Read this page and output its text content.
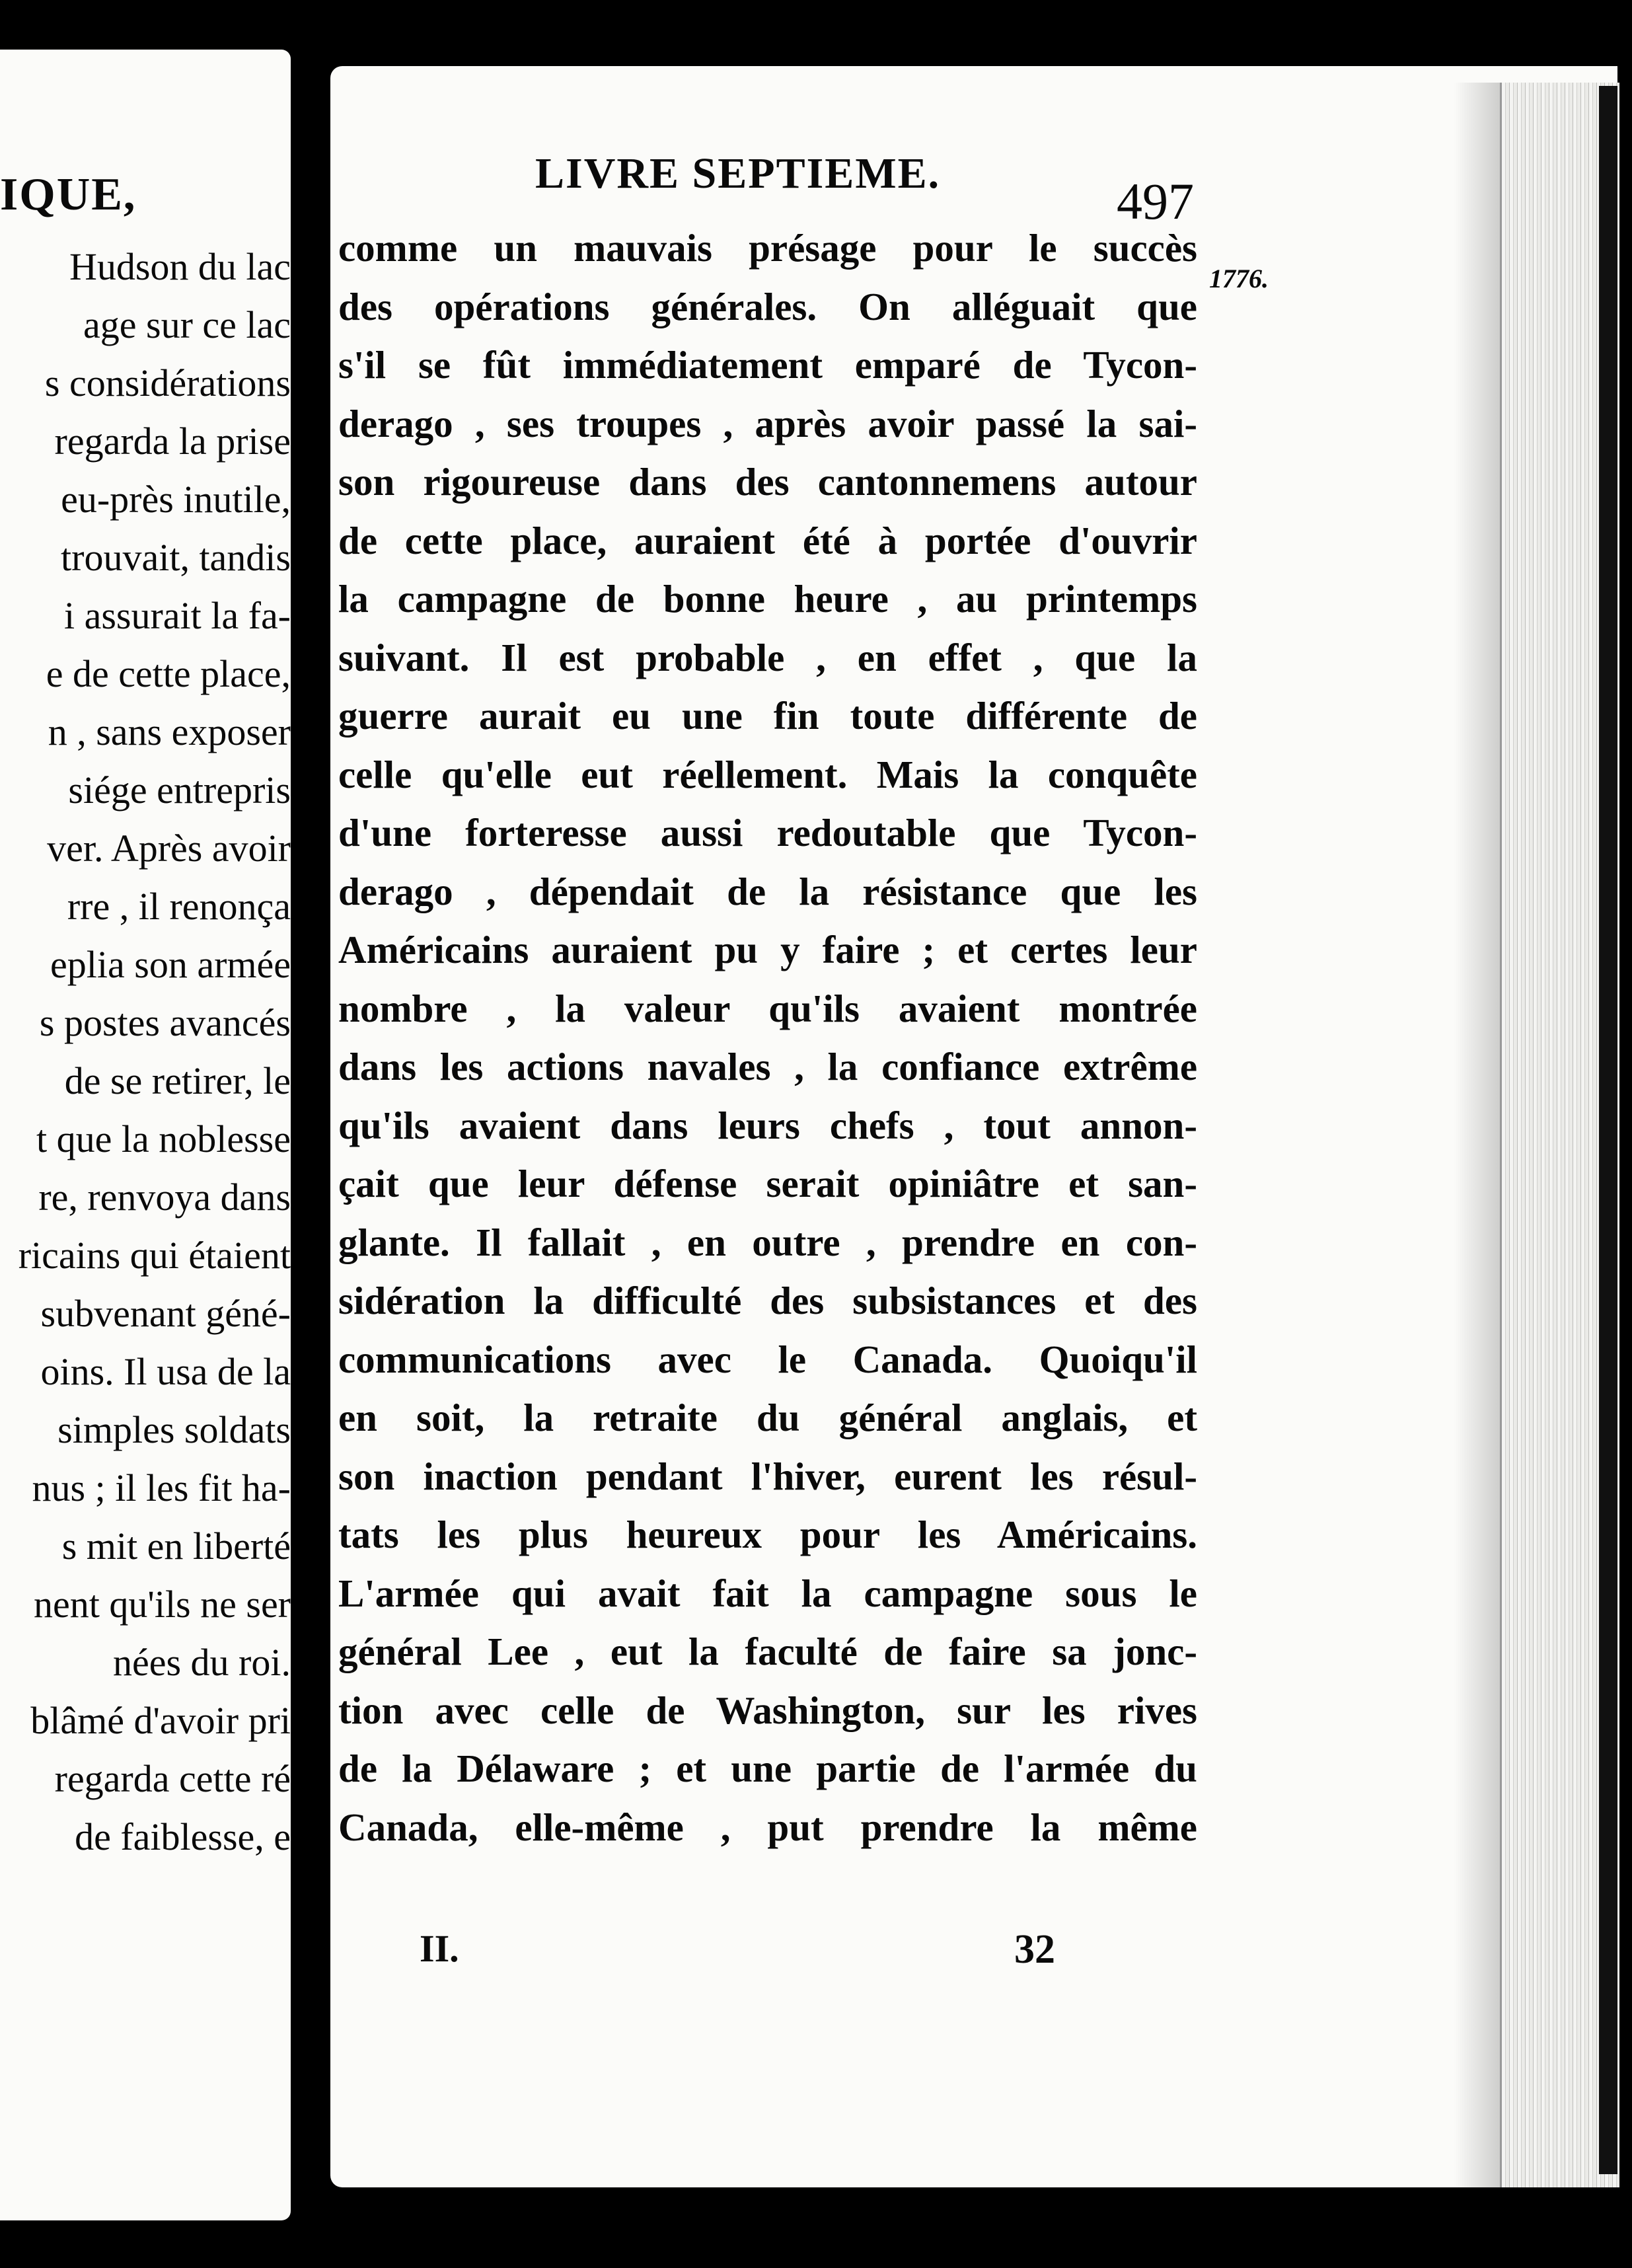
IQUE,
Hudson du lac
age sur ce lac
s considérations
regarda la prise
eu-près inutile,
trouvait, tandis
i assurait la fa-
e de cette place,
n , sans exposer
siége entrepris
ver. Après avoir
rre , il renonça
eplia son armée
s postes avancés
de se retirer, le
t que la noblesse
re, renvoya dans
ricains qui étaient
subvenant géné-
oins. Il usa de la
simples soldats
nus ; il les fit ha-
s mit en liberté
nent qu'ils ne ser
nées du roi.
blâmé d'avoir pri
regarda cette ré
de faiblesse, e
LIVRE SEPTIEME.	497
1776.
comme un mauvais présage pour le succès
des opérations générales. On alléguait que
s'il se fût immédiatement emparé de Tycon-
derago , ses troupes , après avoir passé la sai-
son rigoureuse dans des cantonnemens autour
de cette place, auraient été à portée d'ouvrir
la campagne de bonne heure , au printemps
suivant. Il est probable , en effet , que la
guerre aurait eu une fin toute différente de
celle qu'elle eut réellement. Mais la conquête
d'une forteresse aussi redoutable que Tycon-
derago , dépendait de la résistance que les
Américains auraient pu y faire ; et certes leur
nombre , la valeur qu'ils avaient montrée
dans les actions navales , la confiance extrême
qu'ils avaient dans leurs chefs , tout annon-
çait que leur défense serait opiniâtre et san-
glante. Il fallait , en outre , prendre en con-
sidération la difficulté des subsistances et des
communications avec le Canada. Quoiqu'il
en soit, la retraite du général anglais, et
son inaction pendant l'hiver, eurent les résul-
tats les plus heureux pour les Américains.
L'armée qui avait fait la campagne sous le
général Lee , eut la faculté de faire sa jonc-
tion avec celle de Washington, sur les rives
de la Délaware ; et une partie de l'armée du
Canada, elle-même , put prendre la même
II.	32
